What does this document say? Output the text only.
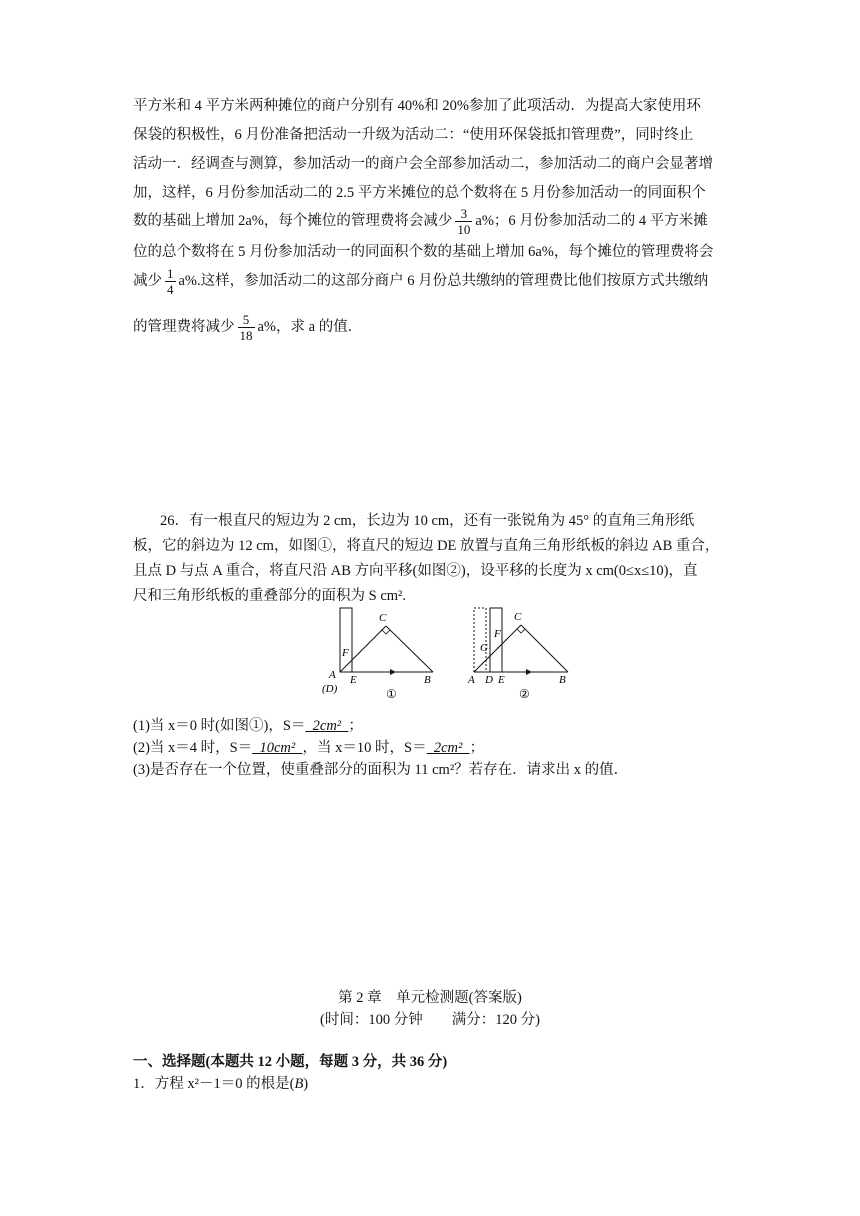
平方米和 4 平方米两种摊位的商户分别有 40%和 20%参加了此项活动．为提高大家使用环
保袋的积极性，6 月份准备把活动一升级为活动二：“使用环保袋抵扣管理费”，同时终止
活动一．经调查与测算，参加活动一的商户会全部参加活动二，参加活动二的商户会显著增
加，这样，6 月份参加活动二的 2.5 平方米摊位的总个数将在 5 月份参加活动一的同面积个
数的基础上增加 2a%，每个摊位的管理费将会减少 $\frac{3}{10} a\%$；6 月份参加活动二的 4 平方米摊
位的总个数将在 5 月份参加活动一的同面积个数的基础上增加 6a%，每个摊位的管理费将会
减少 $\frac{1}{4} a\%$.这样，参加活动二的这部分商户 6 月份总共缴纳的管理费比他们按原方式共缴纳
的管理费将减少 $\frac{5}{18} a\%$，求 a 的值．
26．有一根直尺的短边为 2 cm，长边为 10 cm，还有一张锐角为 45° 的直角三角形纸
板，它的斜边为 12 cm，如图①，将直尺的短边 DE 放置与直角三角形纸板的斜边 AB 重合，
且点 D 与点 A 重合，将直尺沿 AB 方向平移(如图②)，设平移的长度为 x cm(0≤x≤10)，直
尺和三角形纸板的重叠部分的面积为 S cm².
C
F
A E	B
(D)	①
C
F
G
A D E	B
②
(1)当 x＝0 时(如图①)，S＝  2cm²  ；
(2)当 x＝4 时，S＝  10cm²  ，当 x＝10 时，S＝  2cm²  ；
(3)是否存在一个位置，使重叠部分的面积为 11 cm²？若存在．请求出 x 的值．
第 2 章　单元检测题(答案版)
(时间：100 分钟　　满分：120 分)
一、选择题(本题共 12 小题，每题 3 分，共 36 分)
1．方程 x²－1＝0 的根是(B)
